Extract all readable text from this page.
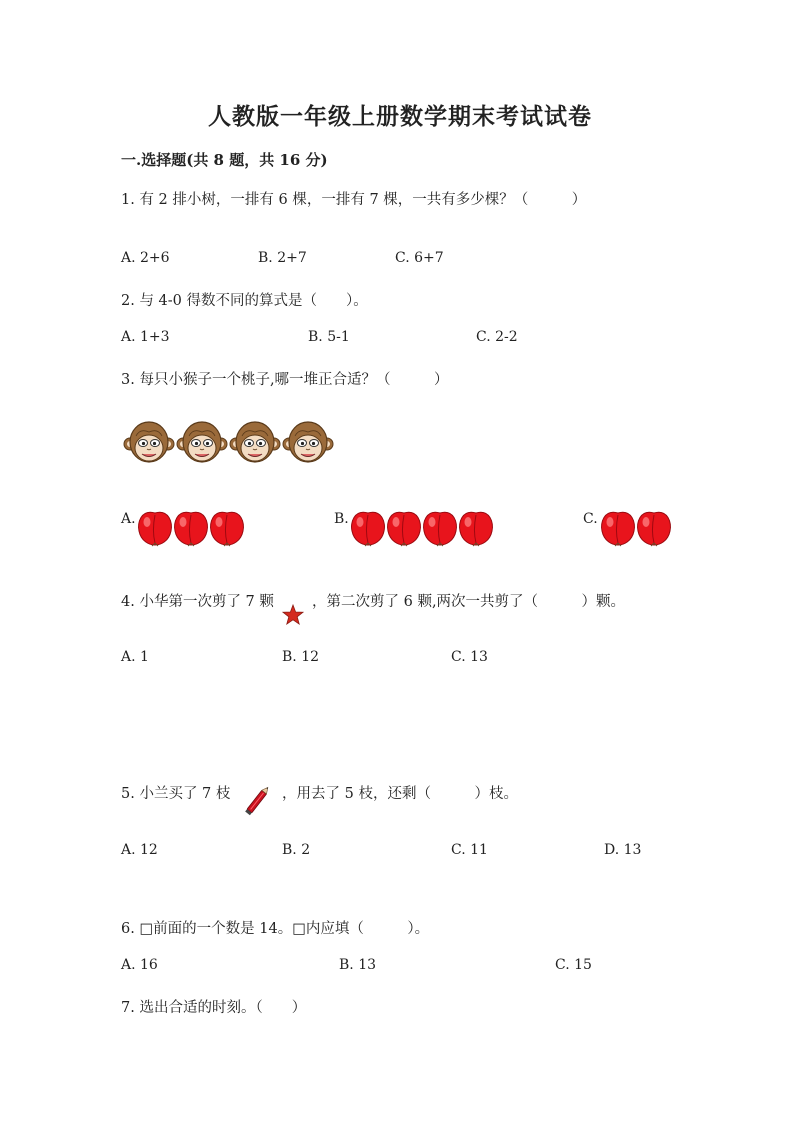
人教版一年级上册数学期末考试试卷
一.选择题(共 8 题，共 16 分)
1. 有 2 排小树，一排有 6 棵，一排有 7 棵，一共有多少棵？（　　　）
A. 2+6	B. 2+7	C. 6+7
2. 与 4-0 得数不同的算式是（　　）。
A. 1+3	B. 5-1	C. 2-2
3. 每只小猴子一个桃子,哪一堆正合适？（　　　）
A.	B.	C.
4. 小华第一次剪了 7 颗	，第二次剪了 6 颗,两次一共剪了（　　　）颗。
A. 1	B. 12	C. 13
5. 小兰买了 7 枝	，用去了 5 枝，还剩（　　　）枝。
A. 12	B. 2	C. 11	D. 13
6. □前面的一个数是 14。□内应填（　　　）。
A. 16	B. 13	C. 15
7. 选出合适的时刻。（　　）
